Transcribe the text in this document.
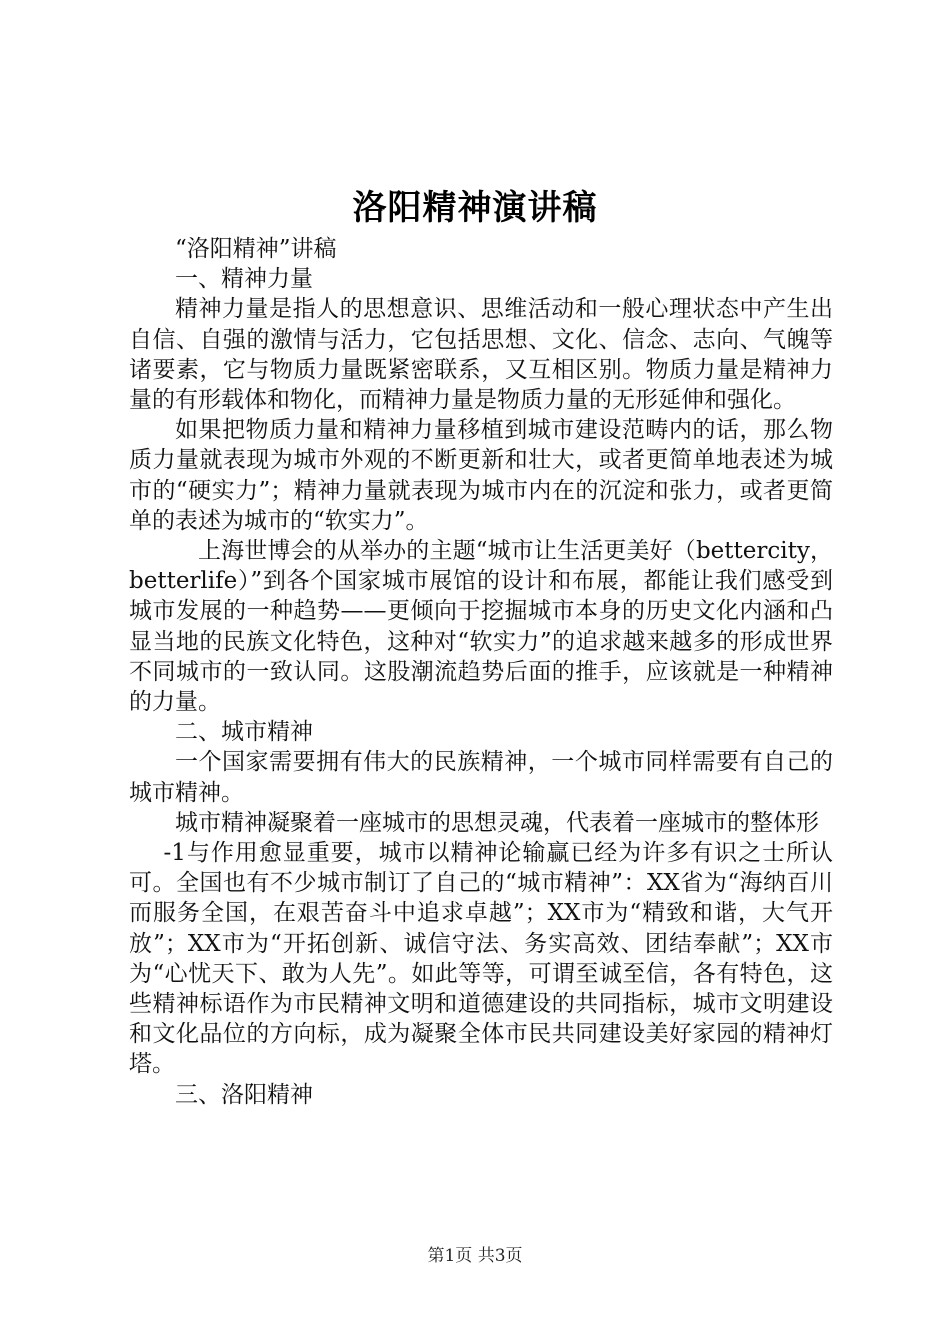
洛阳精神演讲稿

“洛阳精神”讲稿

一、精神力量

精神力量是指人的思想意识、思维活动和一般心理状态中产生出自信、自强的激情与活力，它包括思想、文化、信念、志向、气魄等诸要素，它与物质力量既紧密联系，又互相区别。物质力量是精神力量的有形载体和物化，而精神力量是物质力量的无形延伸和强化。

如果把物质力量和精神力量移植到城市建设范畴内的话，那么物质力量就表现为城市外观的不断更新和壮大，或者更简单地表述为城市的“硬实力”；精神力量就表现为城市内在的沉淀和张力，或者更简单的表述为城市的“软实力”。

上海世博会的从举办的主题“城市让生活更美好（bettercity，betterlife）”到各个国家城市展馆的设计和布展，都能让我们感受到城市发展的一种趋势——更倾向于挖掘城市本身的历史文化内涵和凸显当地的民族文化特色，这种对“软实力”的追求越来越多的形成世界不同城市的一致认同。这股潮流趋势后面的推手，应该就是一种精神的力量。

二、城市精神

一个国家需要拥有伟大的民族精神，一个城市同样需要有自己的城市精神。

城市精神凝聚着一座城市的思想灵魂，代表着一座城市的整体形

-1与作用愈显重要，城市以精神论输赢已经为许多有识之士所认可。全国也有不少城市制订了自己的“城市精神”：XX省为“海纳百川而服务全国，在艰苦奋斗中追求卓越”；XX市为“精致和谐，大气开放”；XX市为“开拓创新、诚信守法、务实高效、团结奉献”；XX市为“心忧天下、敢为人先”。如此等等，可谓至诚至信，各有特色，这些精神标语作为市民精神文明和道德建设的共同指标，城市文明建设和文化品位的方向标，成为凝聚全体市民共同建设美好家园的精神灯塔。

三、洛阳精神

第1页 共3页
